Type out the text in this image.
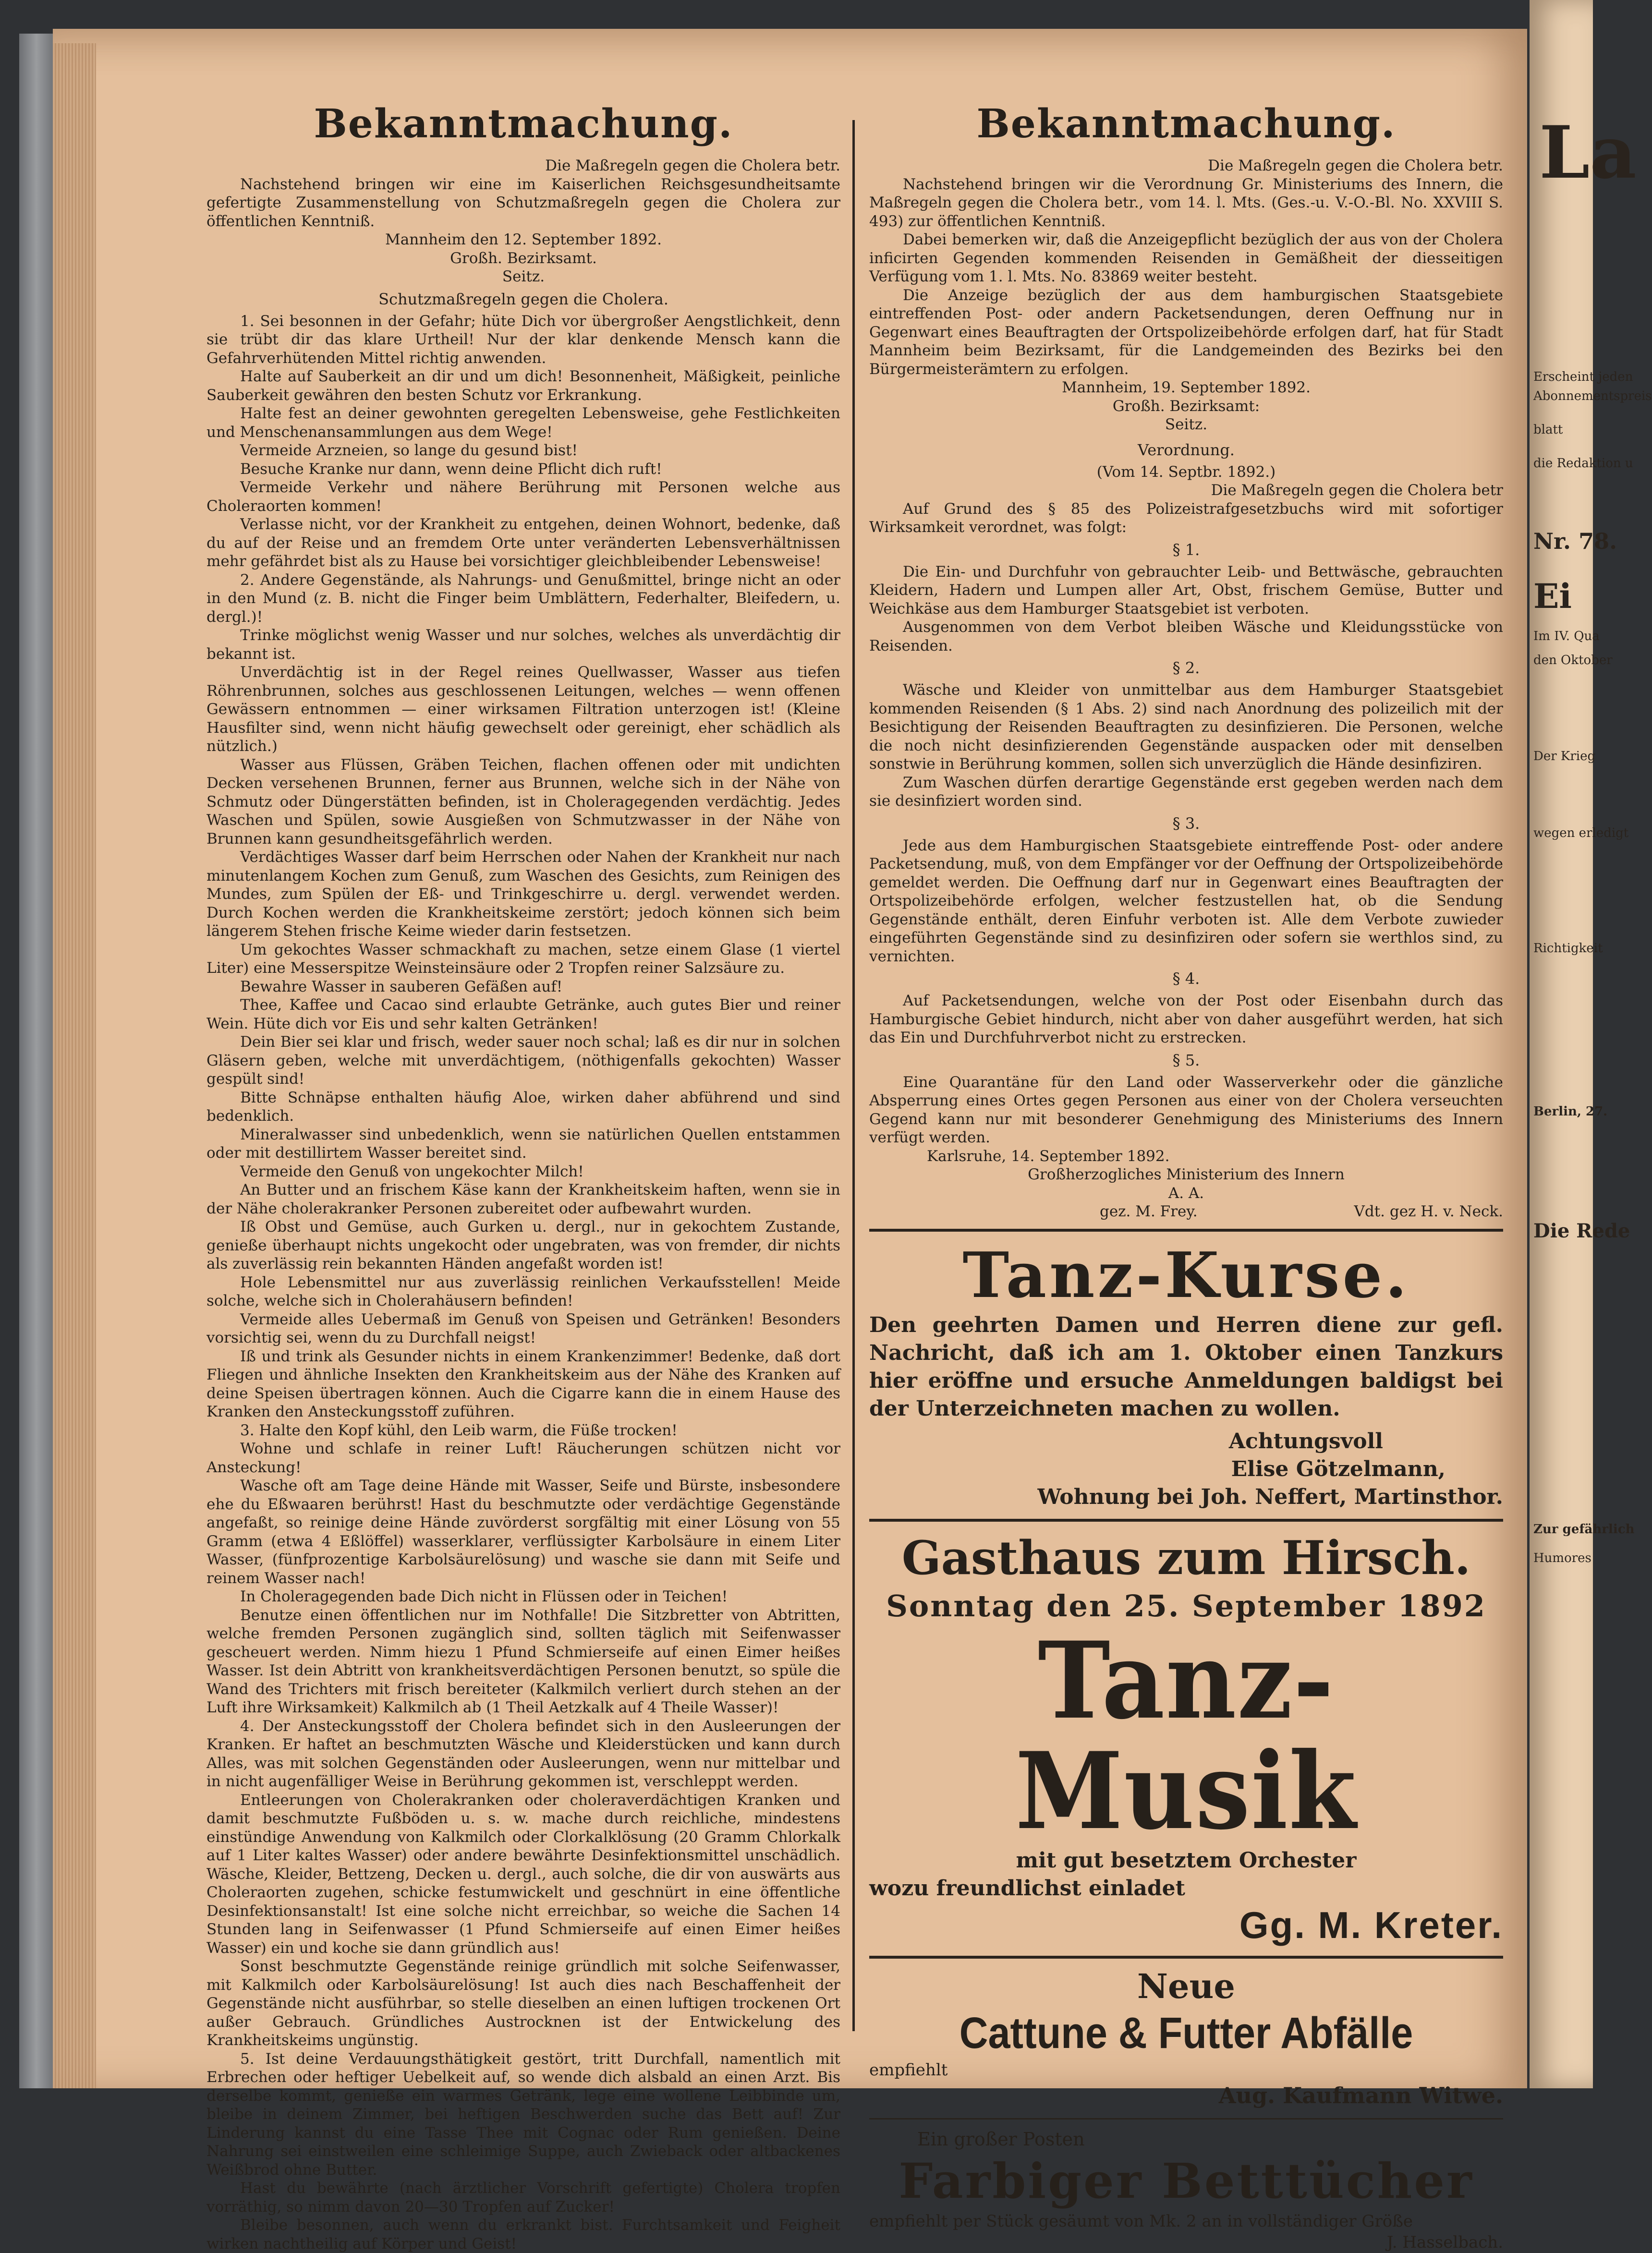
La
Erscheint jeden
Abonnementspreis
blatt
die Redaktion u
Nr. 78.
Ei
Im IV. Qua
den Oktober
Der Krieg
wegen erledigt
Richtigkeit
Berlin, 27.
Die Rede
Zur gefährlich
Humores
Bekanntmachung.
Die Maßregeln gegen die Cholera betr.

Nachstehend bringen wir eine im Kaiserlichen Reichsgesundheitsamte gefertigte Zusammenstellung von Schutzmaßregeln gegen die Cholera zur öffentlichen Kenntniß.

Mannheim den 12. September 1892.
Großh. Bezirksamt.
Seitz.
Schutzmaßregeln gegen die Cholera.

1. Sei besonnen in der Gefahr; hüte Dich vor übergroßer Aengstlichkeit, denn sie trübt dir das klare Urtheil! Nur der klar denkende Mensch kann die Gefahrverhütenden Mittel richtig anwenden.

Halte auf Sauberkeit an dir und um dich! Besonnenheit, Mäßigkeit, peinliche Sauberkeit gewähren den besten Schutz vor Erkrankung.

Halte fest an deiner gewohnten geregelten Lebensweise, gehe Festlichkeiten und Menschenansammlungen aus dem Wege!

Vermeide Arzneien, so lange du gesund bist!

Besuche Kranke nur dann, wenn deine Pflicht dich ruft!

Vermeide Verkehr und nähere Berührung mit Personen welche aus Choleraorten kommen!

Verlasse nicht, vor der Krankheit zu entgehen, deinen Wohnort, bedenke, daß du auf der Reise und an fremdem Orte unter veränderten Lebensverhältnissen mehr gefährdet bist als zu Hause bei vorsichtiger gleichbleibender Lebensweise!

2. Andere Gegenstände, als Nahrungs- und Genußmittel, bringe nicht an oder in den Mund (z. B. nicht die Finger beim Umblättern, Federhalter, Bleifedern, u. dergl.)!

Trinke möglichst wenig Wasser und nur solches, welches als unverdächtig dir bekannt ist.

Unverdächtig ist in der Regel reines Quellwasser, Wasser aus tiefen Röhrenbrunnen, solches aus geschlossenen Leitungen, welches — wenn offenen Gewässern entnommen — einer wirksamen Filtration unterzogen ist! (Kleine Hausfilter sind, wenn nicht häufig gewechselt oder gereinigt, eher schädlich als nützlich.)

Wasser aus Flüssen, Gräben Teichen, flachen offenen oder mit undichten Decken versehenen Brunnen, ferner aus Brunnen, welche sich in der Nähe von Schmutz oder Düngerstätten befinden, ist in Choleragegenden verdächtig. Jedes Waschen und Spülen, sowie Ausgießen von Schmutzwasser in der Nähe von Brunnen kann gesundheitsgefährlich werden.

Verdächtiges Wasser darf beim Herrschen oder Nahen der Krankheit nur nach minutenlangem Kochen zum Genuß, zum Waschen des Gesichts, zum Reinigen des Mundes, zum Spülen der Eß- und Trinkgeschirre u. dergl. verwendet werden. Durch Kochen werden die Krankheitskeime zerstört; jedoch können sich beim längerem Stehen frische Keime wieder darin festsetzen.

Um gekochtes Wasser schmackhaft zu machen, setze einem Glase (1 viertel Liter) eine Messerspitze Weinsteinsäure oder 2 Tropfen reiner Salzsäure zu.

Bewahre Wasser in sauberen Gefäßen auf!

Thee, Kaffee und Cacao sind erlaubte Getränke, auch gutes Bier und reiner Wein. Hüte dich vor Eis und sehr kalten Getränken!

Dein Bier sei klar und frisch, weder sauer noch schal; laß es dir nur in solchen Gläsern geben, welche mit unverdächtigem, (nöthigenfalls gekochten) Wasser gespült sind!

Bitte Schnäpse enthalten häufig Aloe, wirken daher abführend und sind bedenklich.

Mineralwasser sind unbedenklich, wenn sie natürlichen Quellen entstammen oder mit destillirtem Wasser bereitet sind.

Vermeide den Genuß von ungekochter Milch!

An Butter und an frischem Käse kann der Krankheitskeim haften, wenn sie in der Nähe cholerakranker Personen zubereitet oder aufbewahrt wurden.

Iß Obst und Gemüse, auch Gurken u. dergl., nur in gekochtem Zustande, genieße überhaupt nichts ungekocht oder ungebraten, was von fremder, dir nichts als zuverlässig rein bekannten Händen angefaßt worden ist!

Hole Lebensmittel nur aus zuverlässig reinlichen Verkaufsstellen! Meide solche, welche sich in Cholerahäusern befinden!

Vermeide alles Uebermaß im Genuß von Speisen und Getränken! Besonders vorsichtig sei, wenn du zu Durchfall neigst!

Iß und trink als Gesunder nichts in einem Krankenzimmer! Bedenke, daß dort Fliegen und ähnliche Insekten den Krankheitskeim aus der Nähe des Kranken auf deine Speisen übertragen können. Auch die Cigarre kann die in einem Hause des Kranken den Ansteckungsstoff zuführen.

3. Halte den Kopf kühl, den Leib warm, die Füße trocken!

Wohne und schlafe in reiner Luft! Räucherungen schützen nicht vor Ansteckung!

Wasche oft am Tage deine Hände mit Wasser, Seife und Bürste, insbesondere ehe du Eßwaaren berührst! Hast du beschmutzte oder verdächtige Gegenstände angefaßt, so reinige deine Hände zuvörderst sorgfältig mit einer Lösung von 55 Gramm (etwa 4 Eßlöffel) wasserklarer, verflüssigter Karbolsäure in einem Liter Wasser, (fünfprozentige Karbolsäurelösung) und wasche sie dann mit Seife und reinem Wasser nach!

In Choleragegenden bade Dich nicht in Flüssen oder in Teichen!

Benutze einen öffentlichen nur im Nothfalle! Die Sitzbretter von Abtritten, welche fremden Personen zugänglich sind, sollten täglich mit Seifenwasser gescheuert werden. Nimm hiezu 1 Pfund Schmierseife auf einen Eimer heißes Wasser. Ist dein Abtritt von krankheitsverdächtigen Personen benutzt, so spüle die Wand des Trichters mit frisch bereiteter (Kalkmilch verliert durch stehen an der Luft ihre Wirksamkeit) Kalkmilch ab (1 Theil Aetzkalk auf 4 Theile Wasser)!

4. Der Ansteckungsstoff der Cholera befindet sich in den Ausleerungen der Kranken. Er haftet an beschmutzten Wäsche und Kleiderstücken und kann durch Alles, was mit solchen Gegenständen oder Ausleerungen, wenn nur mittelbar und in nicht augenfälliger Weise in Berührung gekommen ist, verschleppt werden.

Entleerungen von Cholerakranken oder choleraverdächtigen Kranken und damit beschmutzte Fußböden u. s. w. mache durch reichliche, mindestens einstündige Anwendung von Kalkmilch oder Clorkalklösung (20 Gramm Chlorkalk auf 1 Liter kaltes Wasser) oder andere bewährte Desinfektionsmittel unschädlich. Wäsche, Kleider, Bettzeng, Decken u. dergl., auch solche, die dir von auswärts aus Choleraorten zugehen, schicke festumwickelt und geschnürt in eine öffentliche Desinfektionsanstalt! Ist eine solche nicht erreichbar, so weiche die Sachen 14 Stunden lang in Seifenwasser (1 Pfund Schmierseife auf einen Eimer heißes Wasser) ein und koche sie dann gründlich aus!

Sonst beschmutzte Gegenstände reinige gründlich mit solche Seifenwasser, mit Kalkmilch oder Karbolsäurelösung! Ist auch dies nach Beschaffenheit der Gegenstände nicht ausführbar, so stelle dieselben an einen luftigen trockenen Ort außer Gebrauch. Gründliches Austrocknen ist der Entwickelung des Krankheitskeims ungünstig.

5. Ist deine Verdauungsthätigkeit gestört, tritt Durchfall, namentlich mit Erbrechen oder heftiger Uebelkeit auf, so wende dich alsbald an einen Arzt. Bis derselbe kommt, genieße ein warmes Getränk, lege eine wollene Leibbinde um, bleibe in deinem Zimmer, bei heftigen Beschwerden suche das Bett auf! Zur Linderung kannst du eine Tasse Thee mit Cognac oder Rum genießen. Deine Nahrung sei einstweilen eine schleimige Suppe, auch Zwieback oder altbackenes Weißbrod ohne Butter.

Hast du bewährte (nach ärztlicher Vorschrift gefertigte) Cholera tropfen vorräthig, so nimm davon 20—30 Tropfen auf Zucker!

Bleibe besonnen, auch wenn du erkrankt bist. Furchtsamkeit und Feigheit wirken nachtheilig auf Körper und Geist!

Bekanntmachung.
Die Maßregeln gegen die Cholera betr.

Nachstehend bringen wir die Verordnung Gr. Ministeriums des Innern, die Maßregeln gegen die Cholera betr., vom 14. l. Mts. (Ges.-u. V.-O.-Bl. No. XXVIII S. 493) zur öffentlichen Kenntniß.

Dabei bemerken wir, daß die Anzeigepflicht bezüglich der aus von der Cholera inficirten Gegenden kommenden Reisenden in Gemäßheit der diesseitigen Verfügung vom 1. l. Mts. No. 83869 weiter besteht.

Die Anzeige bezüglich der aus dem hamburgischen Staatsgebiete eintreffenden Post- oder andern Packetsendungen, deren Oeffnung nur in Gegenwart eines Beauftragten der Ortspolizeibehörde erfolgen darf, hat für Stadt Mannheim beim Bezirksamt, für die Landgemeinden des Bezirks bei den Bürgermeisterämtern zu erfolgen.

Mannheim, 19. September 1892.
Großh. Bezirksamt:
Seitz.
Verordnung.
(Vom 14. Septbr. 1892.)
Die Maßregeln gegen die Cholera betr

Auf Grund des § 85 des Polizeistrafgesetzbuchs wird mit sofortiger Wirksamkeit verordnet, was folgt:

§ 1.

Die Ein- und Durchfuhr von gebrauchter Leib- und Bettwäsche, gebrauchten Kleidern, Hadern und Lumpen aller Art, Obst, frischem Gemüse, Butter und Weichkäse aus dem Hamburger Staatsgebiet ist verboten.

Ausgenommen von dem Verbot bleiben Wäsche und Kleidungsstücke von Reisenden.

§ 2.

Wäsche und Kleider von unmittelbar aus dem Hamburger Staatsgebiet kommenden Reisenden (§ 1 Abs. 2) sind nach Anordnung des polizeilich mit der Besichtigung der Reisenden Beauftragten zu desinfizieren. Die Personen, welche die noch nicht desinfizierenden Gegenstände auspacken oder mit denselben sonstwie in Berührung kommen, sollen sich unverzüglich die Hände desinfiziren.

Zum Waschen dürfen derartige Gegenstände erst gegeben werden nach dem sie desinfiziert worden sind.

§ 3.

Jede aus dem Hamburgischen Staatsgebiete eintreffende Post- oder andere Packetsendung, muß, von dem Empfänger vor der Oeffnung der Ortspolizeibehörde gemeldet werden. Die Oeffnung darf nur in Gegenwart eines Beauftragten der Ortspolizeibehörde erfolgen, welcher festzustellen hat, ob die Sendung Gegenstände enthält, deren Einfuhr verboten ist. Alle dem Verbote zuwieder eingeführten Gegenstände sind zu desinfiziren oder sofern sie werthlos sind, zu vernichten.

§ 4.

Auf Packetsendungen, welche von der Post oder Eisenbahn durch das Hamburgische Gebiet hindurch, nicht aber von daher ausgeführt werden, hat sich das Ein und Durchfuhrverbot nicht zu erstrecken.

§ 5.

Eine Quarantäne für den Land oder Wasserverkehr oder die gänzliche Absperrung eines Ortes gegen Personen aus einer von der Cholera verseuchten Gegend kann nur mit besonderer Genehmigung des Ministeriums des Innern verfügt werden.

Karlsruhe, 14. September 1892.
Großherzogliches Ministerium des Innern
A. A.
gez. M. Frey.	Vdt. gez H. v. Neck.
Tanz-Kurse.
Den geehrten Damen und Herren diene zur gefl. Nachricht, daß ich am 1. Oktober einen Tanzkurs hier eröffne und ersuche Anmeldungen baldigst bei der Unterzeichneten machen zu wollen.
Achtungsvoll
Elise Götzelmann,
Wohnung bei Joh. Neffert, Martinsthor.
Gasthaus zum Hirsch.
Sonntag den 25. September 1892
Tanz-Musik
mit gut besetztem Orchester
wozu freundlichst einladet
Gg. M. Kreter.
Neue
Cattune & Futter Abfälle
empfiehlt
Aug. Kaufmann Witwe.
Ein großer Posten
Farbiger Betttücher
empfiehlt per Stück gesäumt von Mk. 2 an in vollständiger Größe
J. Hasselbach.
